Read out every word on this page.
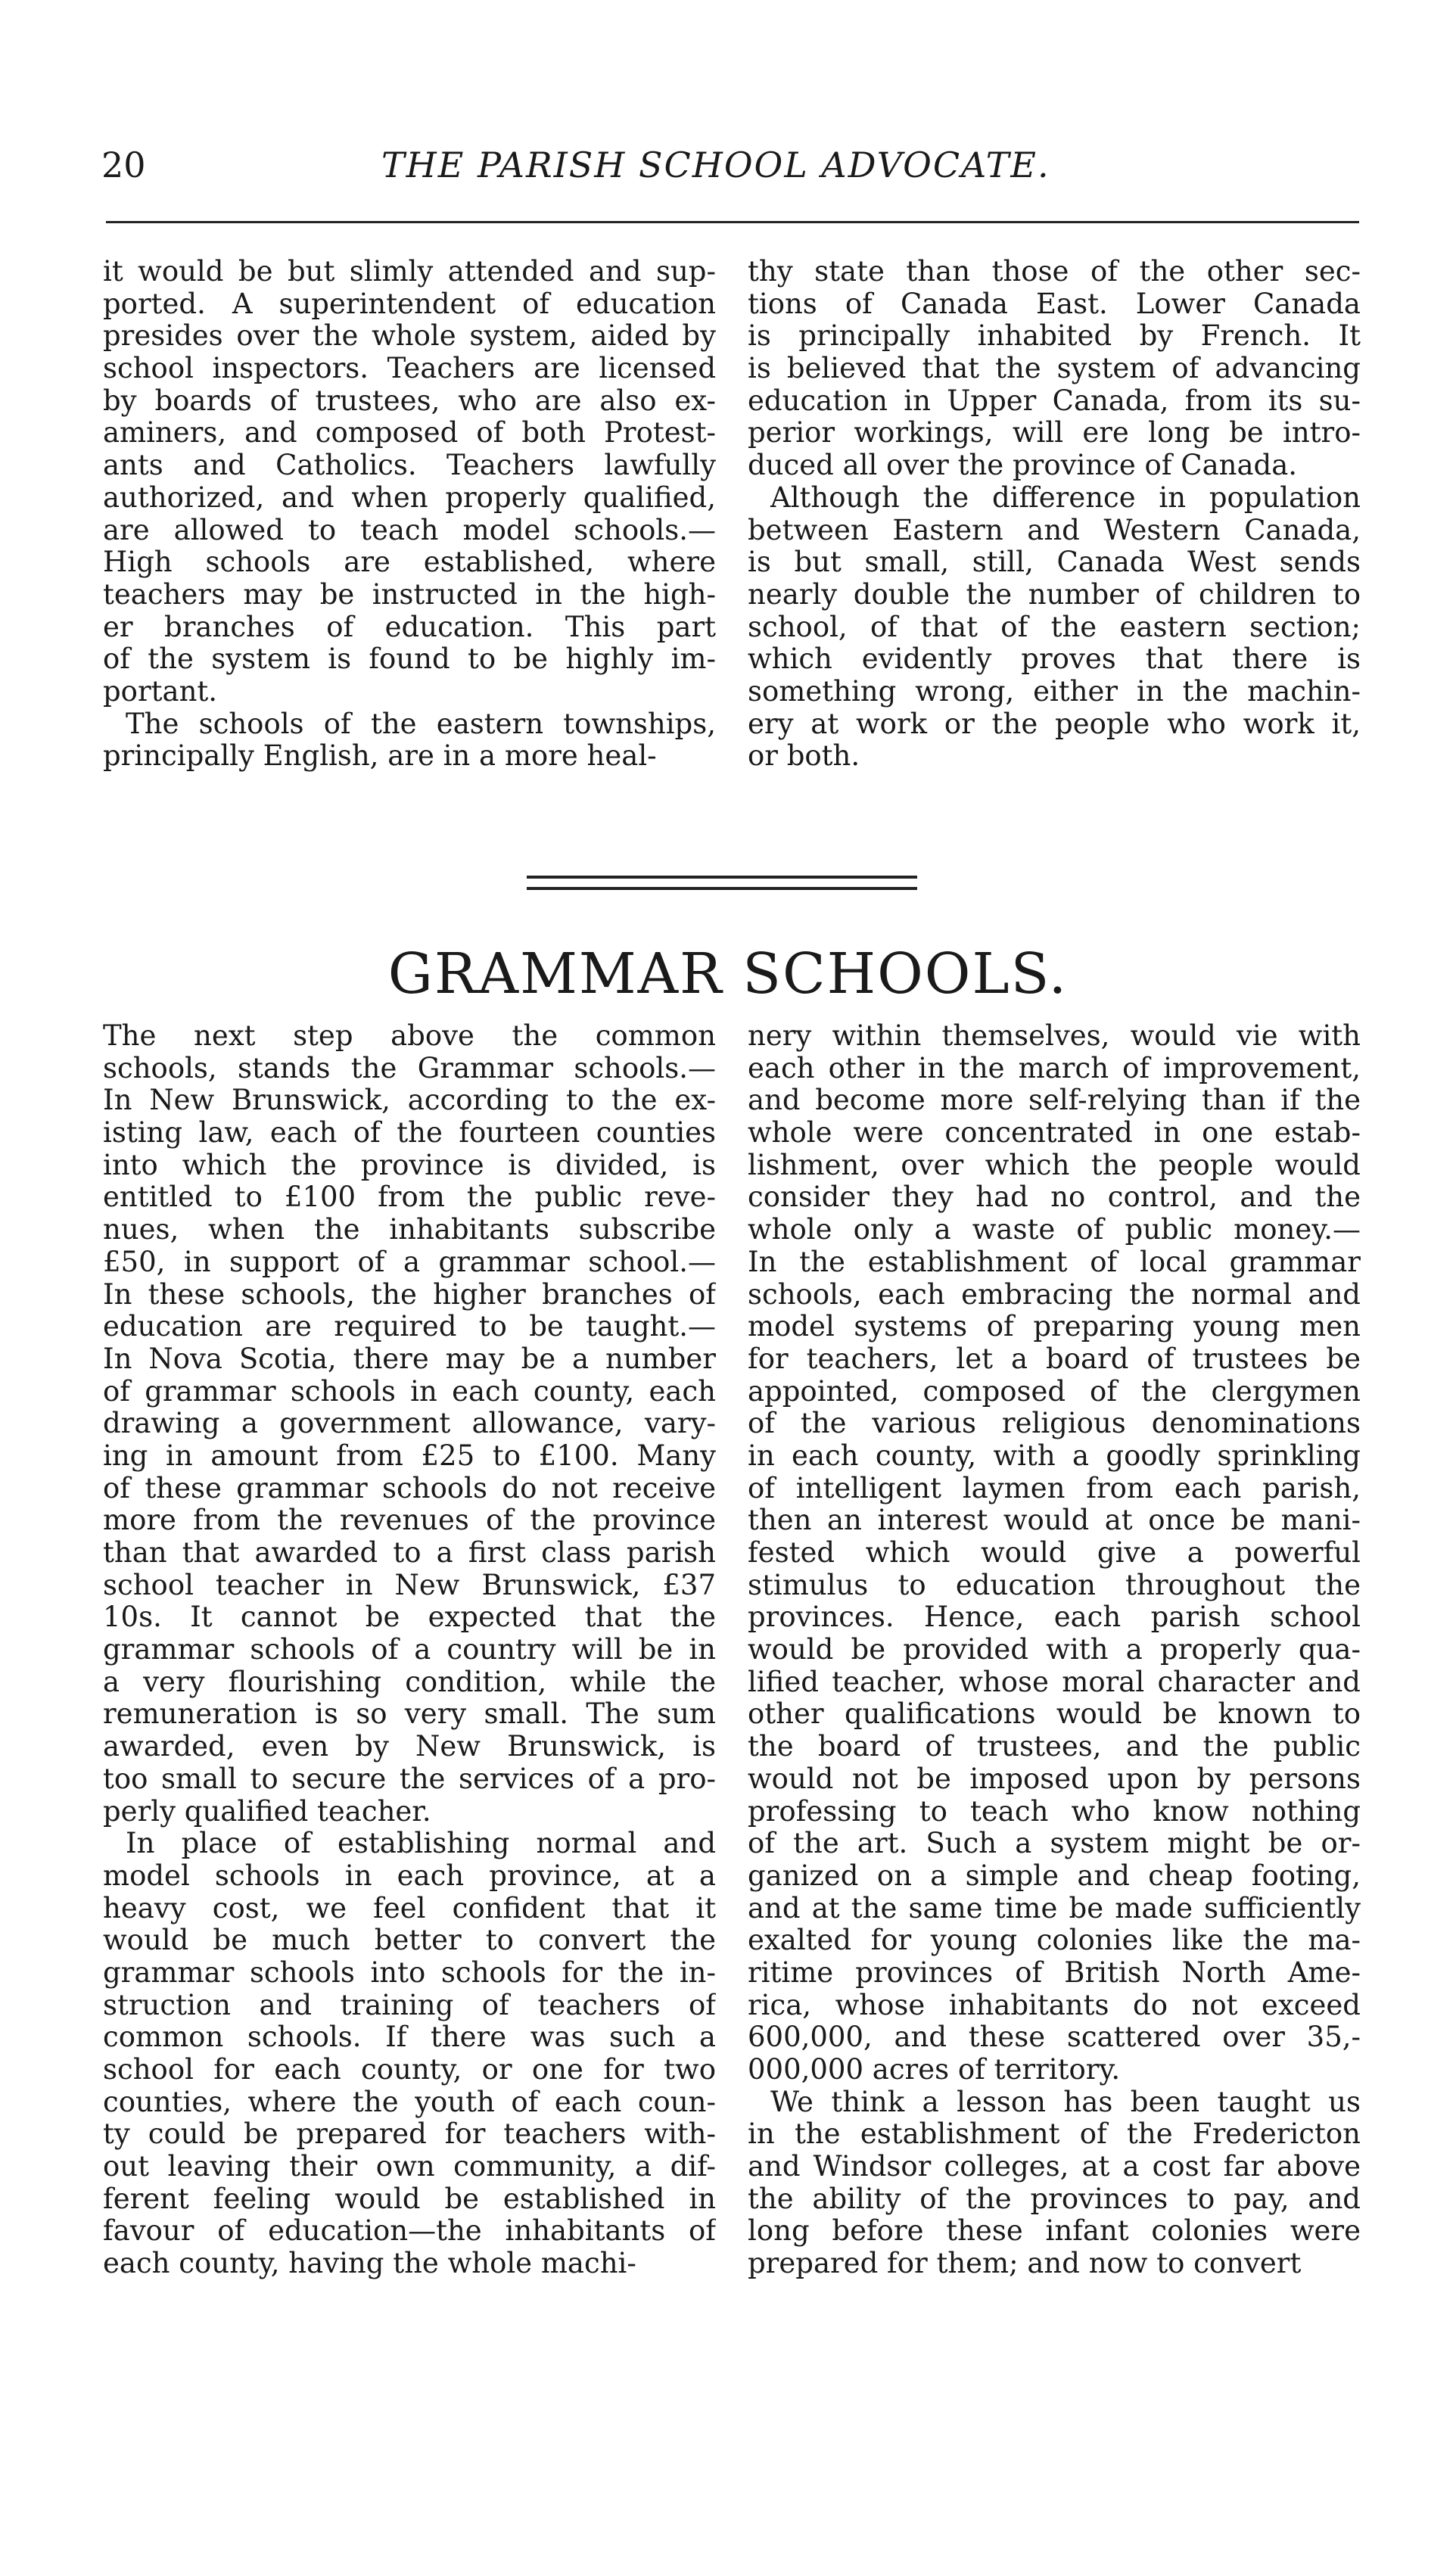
20	THE PARISH SCHOOL ADVOCATE.
it would be but slimly attended and sup-
ported. A superintendent of education
presides over the whole system, aided by
school inspectors. Teachers are licensed
by boards of trustees, who are also ex-
aminers, and composed of both Protest-
ants and Catholics. Teachers lawfully
authorized, and when properly qualified,
are allowed to teach model schools.—
High schools are established, where
teachers may be instructed in the high-
er branches of education. This part
of the system is found to be highly im-
portant.
The schools of the eastern townships,
principally English, are in a more heal-
thy state than those of the other sec-
tions of Canada East. Lower Canada
is principally inhabited by French. It
is believed that the system of advancing
education in Upper Canada, from its su-
perior workings, will ere long be intro-
duced all over the province of Canada.
Although the difference in population
between Eastern and Western Canada,
is but small, still, Canada West sends
nearly double the number of children to
school, of that of the eastern section;
which evidently proves that there is
something wrong, either in the machin-
ery at work or the people who work it,
or both.
GRAMMAR SCHOOLS.
The next step above the common
schools, stands the Grammar schools.—
In New Brunswick, according to the ex-
isting law, each of the fourteen counties
into which the province is divided, is
entitled to £100 from the public reve-
nues, when the inhabitants subscribe
£50, in support of a grammar school.—
In these schools, the higher branches of
education are required to be taught.—
In Nova Scotia, there may be a number
of grammar schools in each county, each
drawing a government allowance, vary-
ing in amount from £25 to £100. Many
of these grammar schools do not receive
more from the revenues of the province
than that awarded to a first class parish
school teacher in New Brunswick, £37
10s. It cannot be expected that the
grammar schools of a country will be in
a very flourishing condition, while the
remuneration is so very small. The sum
awarded, even by New Brunswick, is
too small to secure the services of a pro-
perly qualified teacher.
In place of establishing normal and
model schools in each province, at a
heavy cost, we feel confident that it
would be much better to convert the
grammar schools into schools for the in-
struction and training of teachers of
common schools. If there was such a
school for each county, or one for two
counties, where the youth of each coun-
ty could be prepared for teachers with-
out leaving their own community, a dif-
ferent feeling would be established in
favour of education—the inhabitants of
each county, having the whole machi-
nery within themselves, would vie with
each other in the march of improvement,
and become more self-relying than if the
whole were concentrated in one estab-
lishment, over which the people would
consider they had no control, and the
whole only a waste of public money.—
In the establishment of local grammar
schools, each embracing the normal and
model systems of preparing young men
for teachers, let a board of trustees be
appointed, composed of the clergymen
of the various religious denominations
in each county, with a goodly sprinkling
of intelligent laymen from each parish,
then an interest would at once be mani-
fested which would give a powerful
stimulus to education throughout the
provinces. Hence, each parish school
would be provided with a properly qua-
lified teacher, whose moral character and
other qualifications would be known to
the board of trustees, and the public
would not be imposed upon by persons
professing to teach who know nothing
of the art. Such a system might be or-
ganized on a simple and cheap footing,
and at the same time be made sufficiently
exalted for young colonies like the ma-
ritime provinces of British North Ame-
rica, whose inhabitants do not exceed
600,000, and these scattered over 35,-
000,000 acres of territory.
We think a lesson has been taught us
in the establishment of the Fredericton
and Windsor colleges, at a cost far above
the ability of the provinces to pay, and
long before these infant colonies were
prepared for them; and now to convert
